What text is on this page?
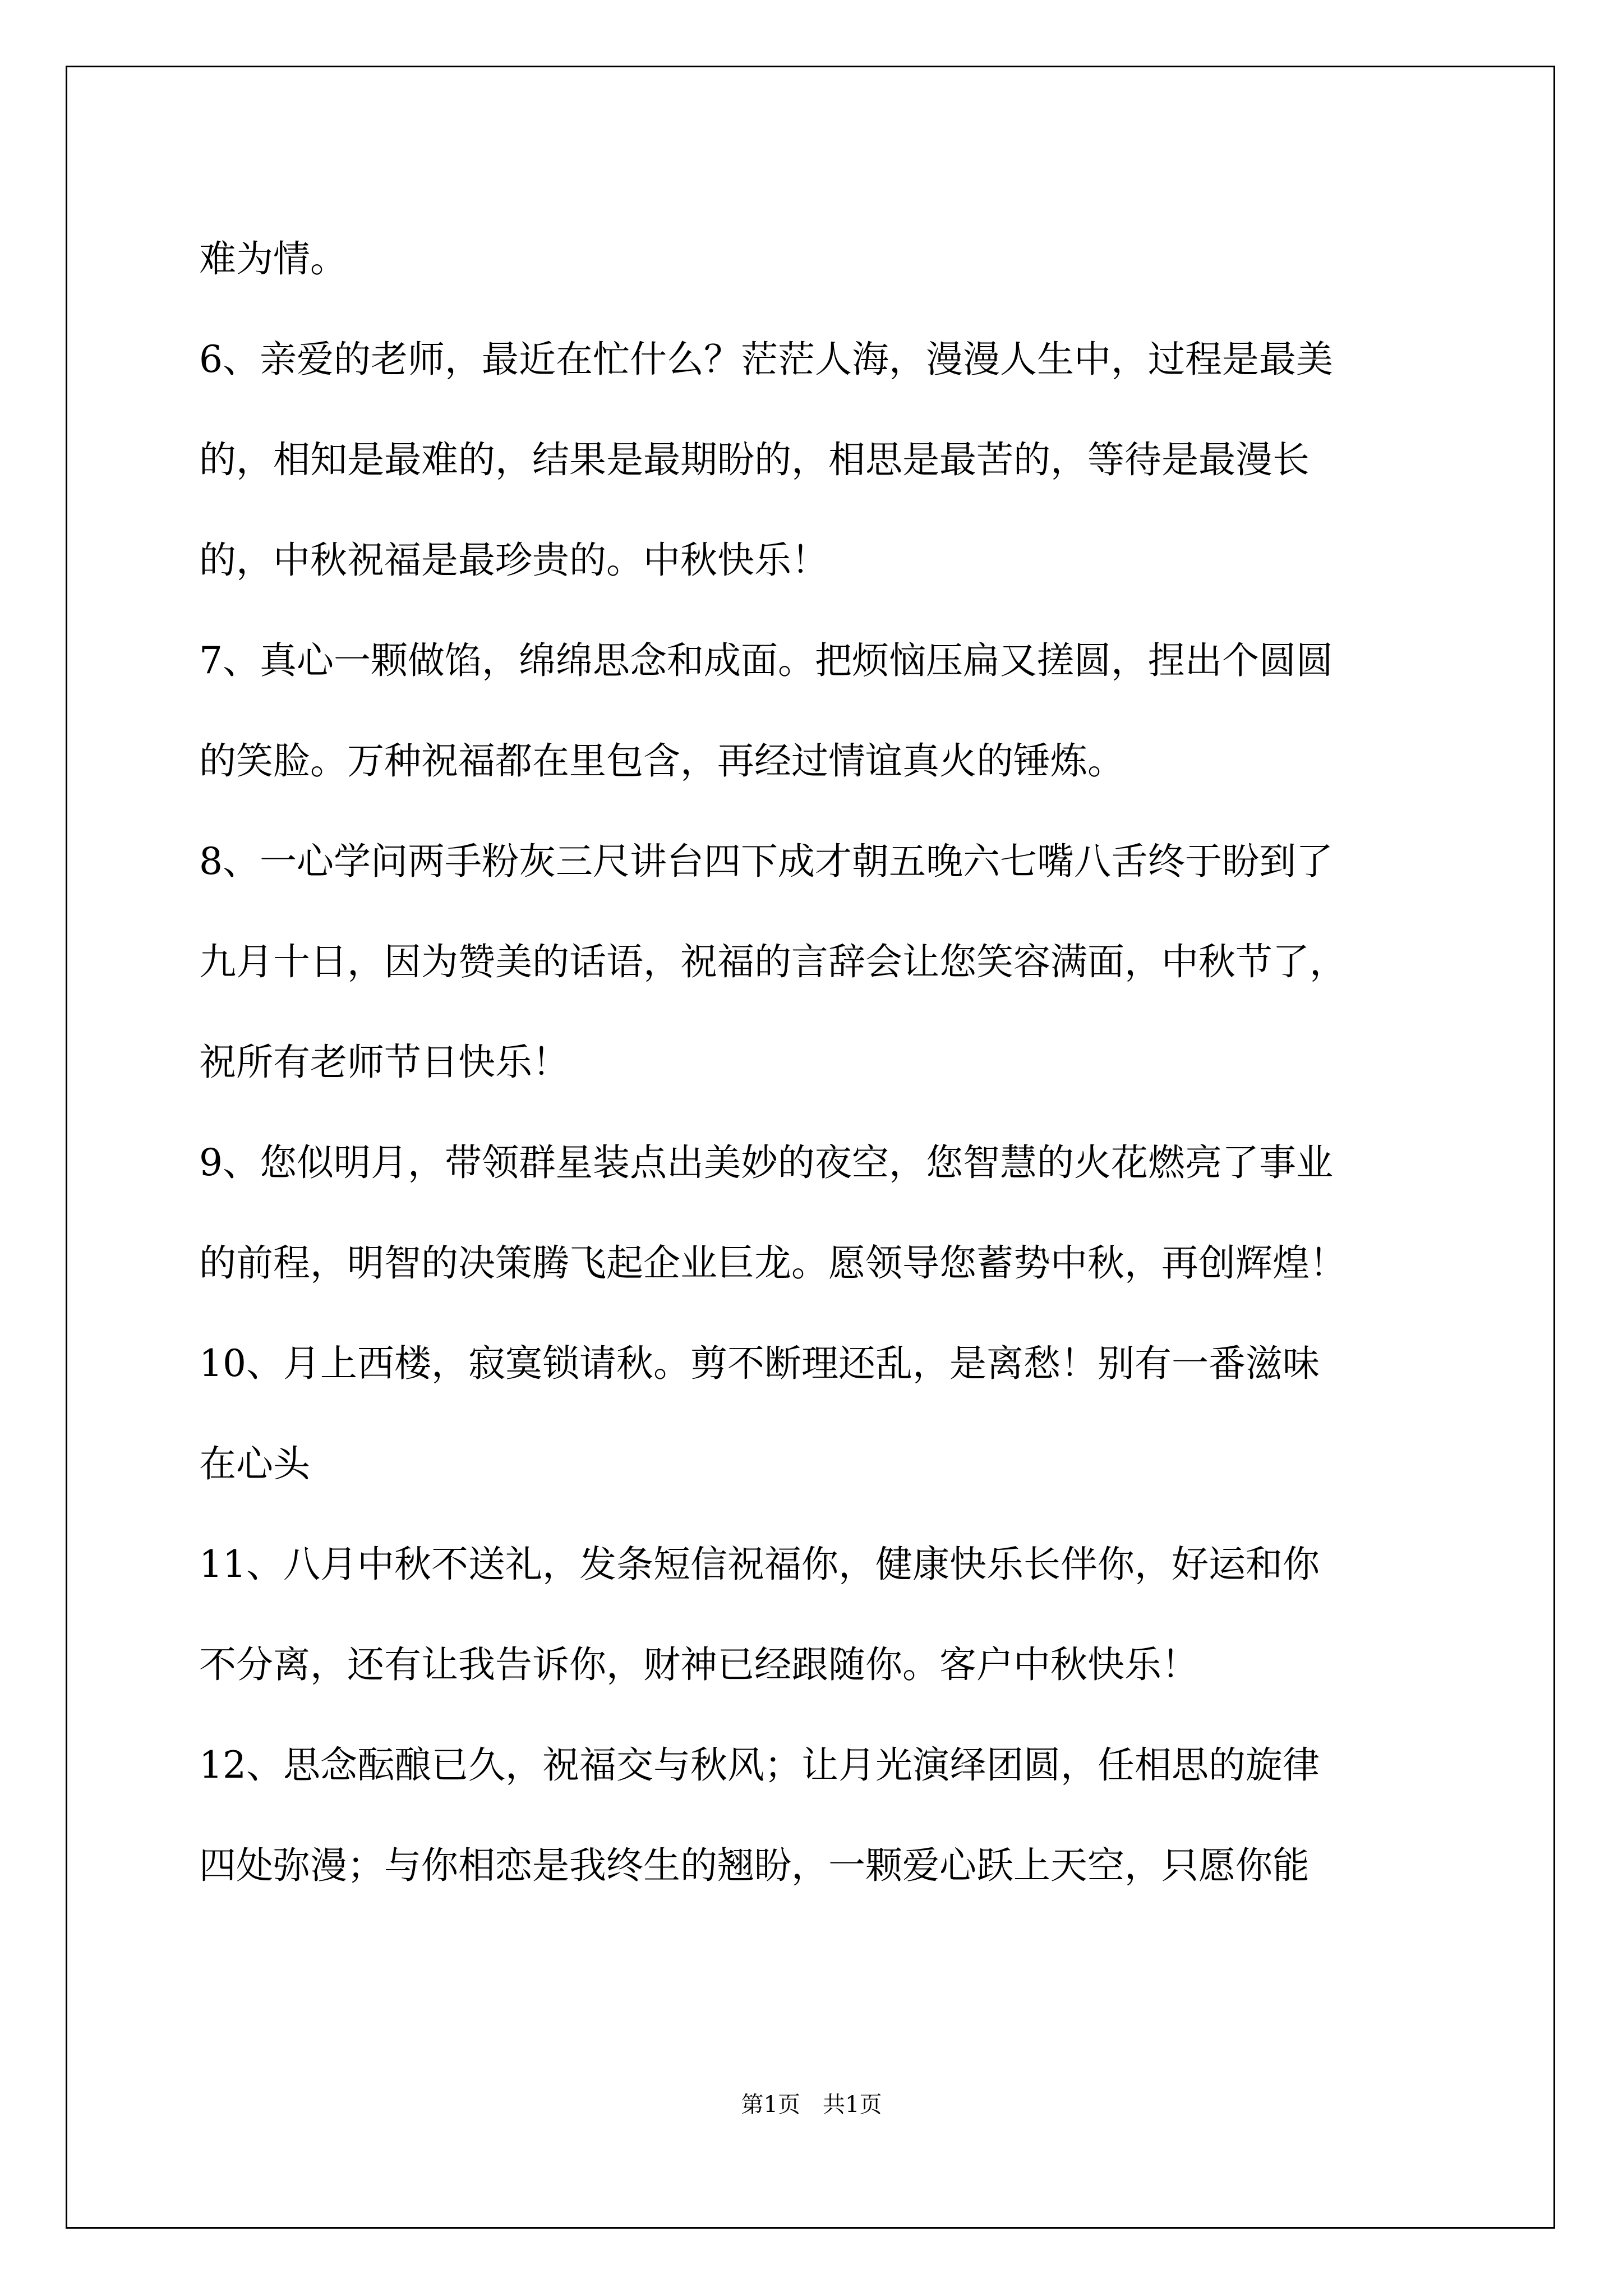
难为情。
6、亲爱的老师，最近在忙什么？茫茫人海，漫漫人生中，过程是最美
的，相知是最难的，结果是最期盼的，相思是最苦的，等待是最漫长
的，中秋祝福是最珍贵的。中秋快乐！
7、真心一颗做馅，绵绵思念和成面。把烦恼压扁又搓圆，捏出个圆圆
的笑脸。万种祝福都在里包含，再经过情谊真火的锤炼。
8、一心学问两手粉灰三尺讲台四下成才朝五晚六七嘴八舌终于盼到了
九月十日，因为赞美的话语，祝福的言辞会让您笑容满面，中秋节了，
祝所有老师节日快乐！
9、您似明月，带领群星装点出美妙的夜空，您智慧的火花燃亮了事业
的前程，明智的决策腾飞起企业巨龙。愿领导您蓄势中秋，再创辉煌！
10、月上西楼，寂寞锁请秋。剪不断理还乱，是离愁！别有一番滋味
在心头
11、八月中秋不送礼，发条短信祝福你，健康快乐长伴你，好运和你
不分离，还有让我告诉你，财神已经跟随你。客户中秋快乐！
12、思念酝酿已久，祝福交与秋风；让月光演绎团圆，任相思的旋律
四处弥漫；与你相恋是我终生的翘盼，一颗爱心跃上天空，只愿你能
第1页　共1页
